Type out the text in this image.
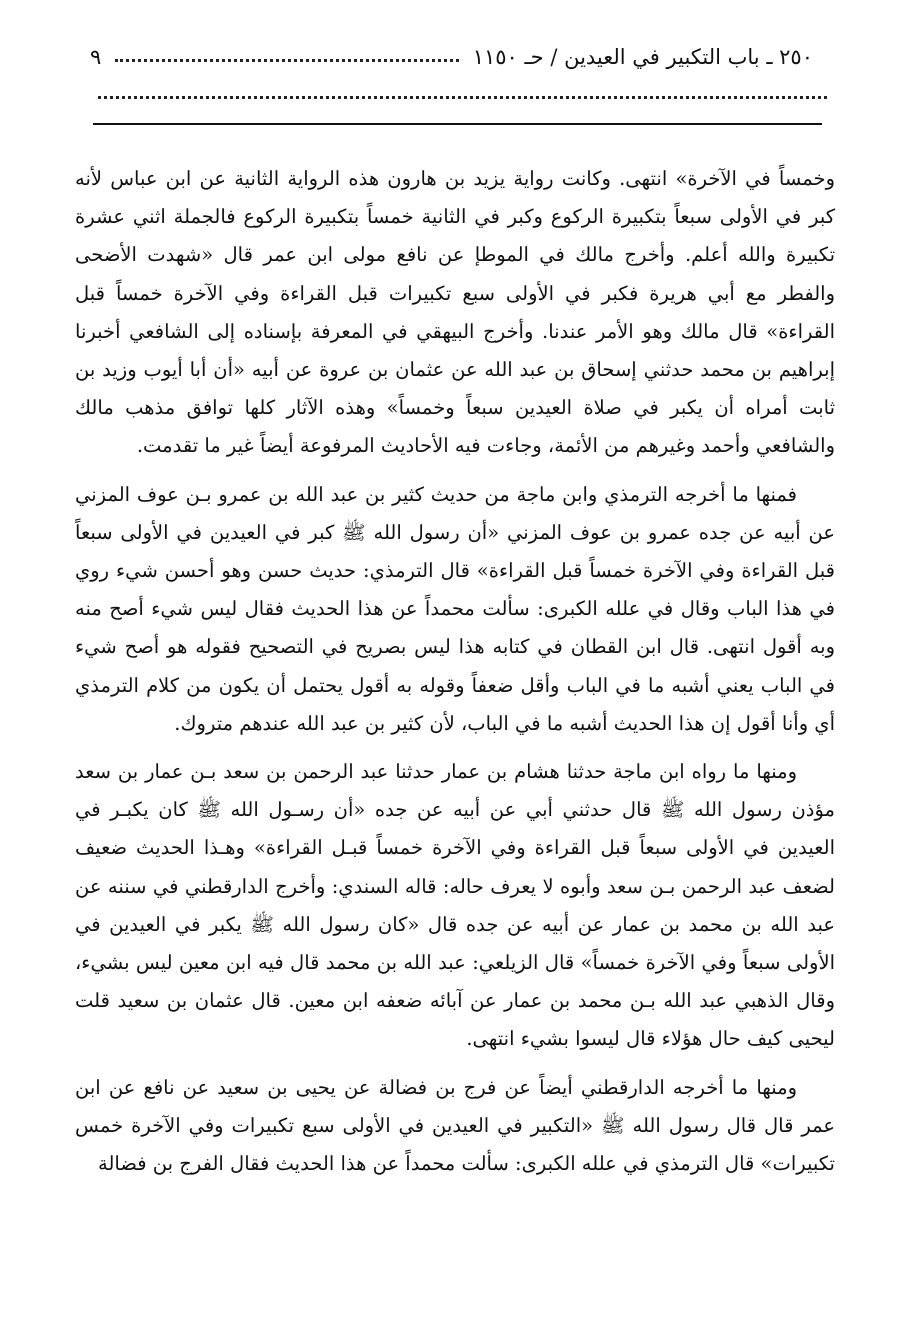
٢٥٠ ـ باب التكبير في العيدين / حـ ١١٥٠
٩

وخمساً في الآخرة» انتهى. وكانت رواية يزيد بن هارون هذه الرواية الثانية عن ابن عباس لأنه كبر في الأولى سبعاً بتكبيرة الركوع وكبر في الثانية خمساً بتكبيرة الركوع فالجملة اثني عشرة تكبيرة والله أعلم. وأخرج مالك في الموطإ عن نافع مولى ابن عمر قال «شهدت الأضحى والفطر مع أبي هريرة فكبر في الأولى سبع تكبيرات قبل القراءة وفي الآخرة خمساً قبل القراءة» قال مالك وهو الأمر عندنا. وأخرج البيهقي في المعرفة بإسناده إلى الشافعي أخبرنا إبراهيم بن محمد حدثني إسحاق بن عبد الله عن عثمان بن عروة عن أبيه «أن أبا أيوب وزيد بن ثابت أمراه أن يكبر في صلاة العيدين سبعاً وخمساً» وهذه الآثار كلها توافق مذهب مالك والشافعي وأحمد وغيرهم من الأئمة، وجاءت فيه الأحاديث المرفوعة أيضاً غير ما تقدمت.

فمنها ما أخرجه الترمذي وابن ماجة من حديث كثير بن عبد الله بن عمرو بـن عوف المزني عن أبيه عن جده عمرو بن عوف المزني «أن رسول الله ﷺ كبر في العيدين في الأولى سبعاً قبل القراءة وفي الآخرة خمساً قبل القراءة» قال الترمذي: حديث حسن وهو أحسن شيء روي في هذا الباب وقال في علله الكبرى: سألت محمداً عن هذا الحديث فقال ليس شيء أصح منه وبه أقول انتهى. قال ابن القطان في كتابه هذا ليس بصريح في التصحيح فقوله هو أصح شيء في الباب يعني أشبه ما في الباب وأقل ضعفاً وقوله به أقول يحتمل أن يكون من كلام الترمذي أي وأنا أقول إن هذا الحديث أشبه ما في الباب، لأن كثير بن عبد الله عندهم متروك.

ومنها ما رواه ابن ماجة حدثنا هشام بن عمار حدثنا عبد الرحمن بن سعد بـن عمار بن سعد مؤذن رسول الله ﷺ قال حدثني أبي عن أبيه عن جده «أن رسـول الله ﷺ كان يكبـر في العيدين في الأولى سبعاً قبل القراءة وفي الآخرة خمساً قبـل القراءة» وهـذا الحديث ضعيف لضعف عبد الرحمن بـن سعد وأبوه لا يعرف حاله: قاله السندي: وأخرج الدارقطني في سننه عن عبد الله بن محمد بن عمار عن أبيه عن جده قال «كان رسول الله ﷺ يكبر في العيدين في الأولى سبعاً وفي الآخرة خمساً» قال الزيلعي: عبد الله بن محمد قال فيه ابن معين ليس بشيء، وقال الذهبي عبد الله بـن محمد بن عمار عن آبائه ضعفه ابن معين. قال عثمان بن سعيد قلت ليحيى كيف حال هؤلاء قال ليسوا بشيء انتهى.

ومنها ما أخرجه الدارقطني أيضاً عن فرج بن فضالة عن يحيى بن سعيد عن نافع عن ابن عمر قال قال رسول الله ﷺ «التكبير في العيدين في الأولى سبع تكبيرات وفي الآخرة خمس تكبيرات» قال الترمذي في علله الكبرى: سألت محمداً عن هذا الحديث فقال الفرج بن فضالة
